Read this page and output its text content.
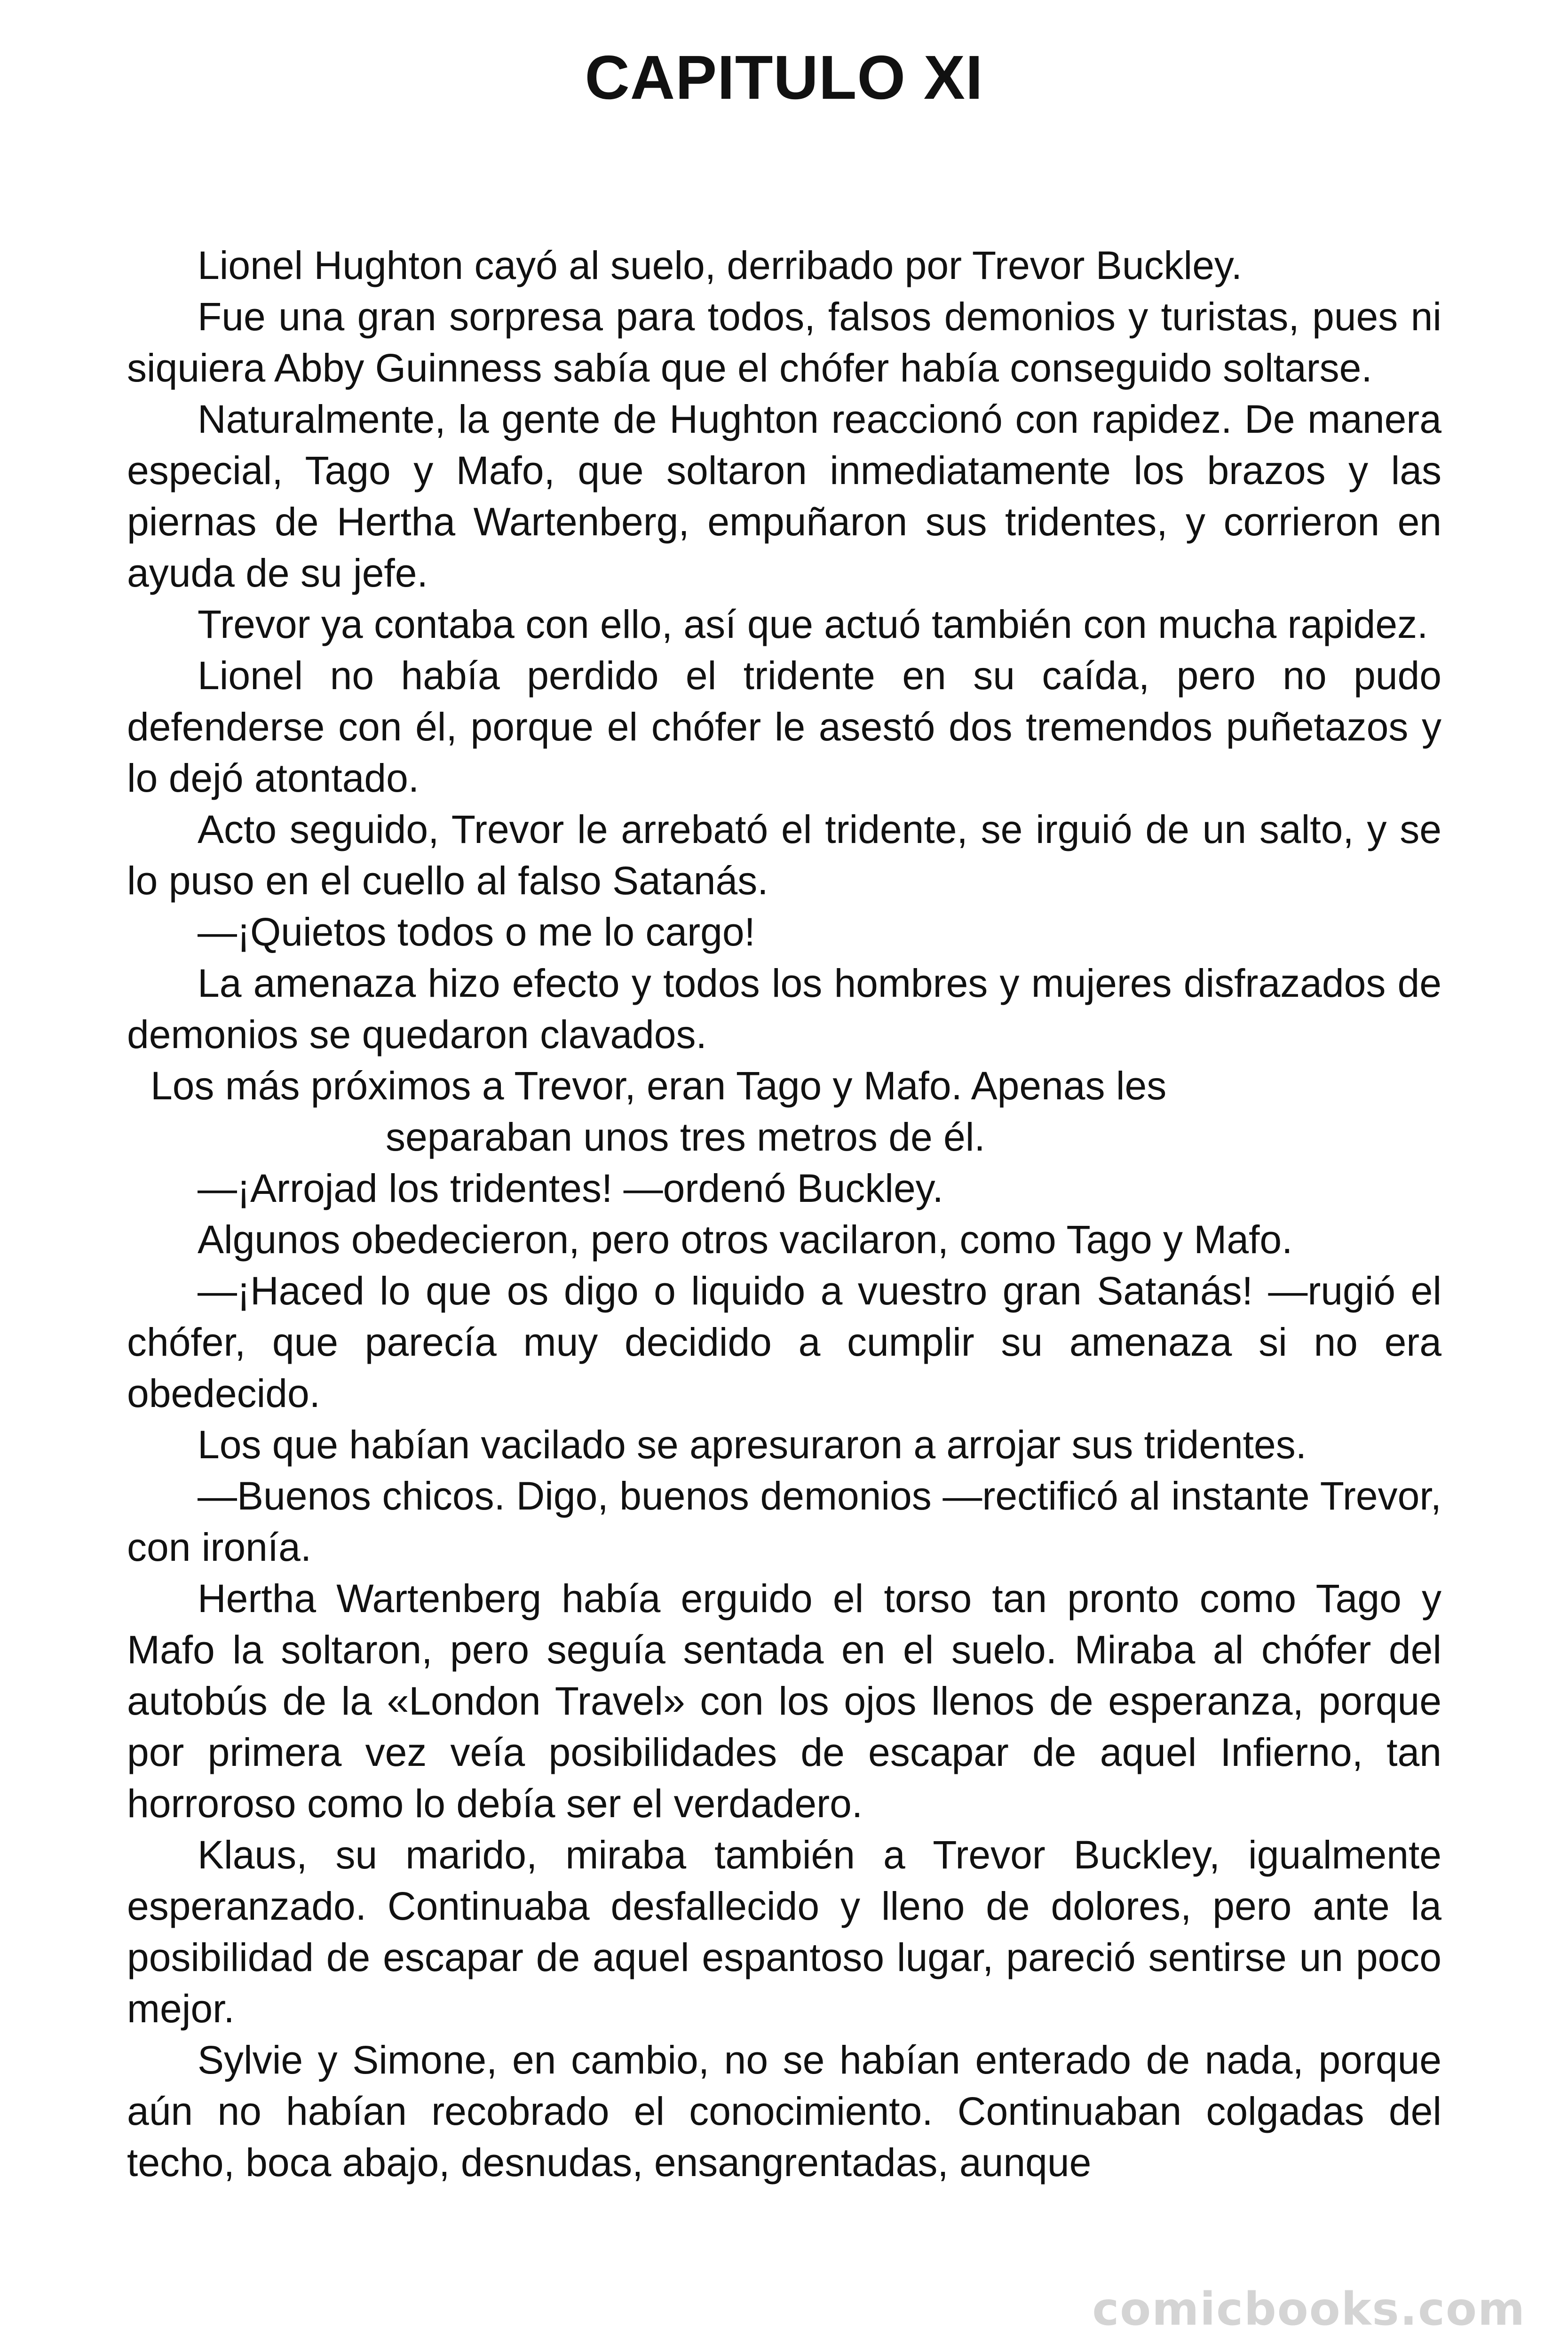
CAPITULO XI

Lionel Hughton cayó al suelo, derribado por Trevor Buckley.

Fue una gran sorpresa para todos, falsos demonios y turistas, pues ni siquiera Abby Guinness sabía que el chófer había conseguido soltarse.

Naturalmente, la gente de Hughton reaccionó con rapidez. De manera especial, Tago y Mafo, que soltaron inmediatamente los brazos y las piernas de Hertha Wartenberg, empuñaron sus tridentes, y corrieron en ayuda de su jefe.

Trevor ya contaba con ello, así que actuó también con mucha rapidez.

Lionel no había perdido el tridente en su caída, pero no pudo defenderse con él, porque el chófer le asestó dos tremendos puñetazos y lo dejó atontado.

Acto seguido, Trevor le arrebató el tridente, se irguió de un salto, y se lo puso en el cuello al falso Satanás.

—¡Quietos todos o me lo cargo!

La amenaza hizo efecto y todos los hombres y mujeres disfrazados de demonios se quedaron clavados.

Los más próximos a Trevor, eran Tago y Mafo. Apenas les

separaban unos tres metros de él.

—¡Arrojad los tridentes! —ordenó Buckley.

Algunos obedecieron, pero otros vacilaron, como Tago y Mafo.

—¡Haced lo que os digo o liquido a vuestro gran Satanás! —rugió el chófer, que parecía muy decidido a cumplir su amenaza si no era obedecido.

Los que habían vacilado se apresuraron a arrojar sus tridentes.

—Buenos chicos. Digo, buenos demonios —rectificó al instante Trevor, con ironía.

Hertha Wartenberg había erguido el torso tan pronto como Tago y Mafo la soltaron, pero seguía sentada en el suelo. Miraba al chófer del autobús de la «London Travel» con los ojos llenos de esperanza, porque por primera vez veía posibilidades de escapar de aquel Infierno, tan horroroso como lo debía ser el verdadero.

Klaus, su marido, miraba también a Trevor Buckley, igualmente esperanzado. Continuaba desfallecido y lleno de dolores, pero ante la posibilidad de escapar de aquel espantoso lugar, pareció sentirse un poco mejor.

Sylvie y Simone, en cambio, no se habían enterado de nada, porque aún no habían recobrado el conocimiento. Continuaban colgadas del techo, boca abajo, desnudas, ensangrentadas, aunque

comicbooks.com
